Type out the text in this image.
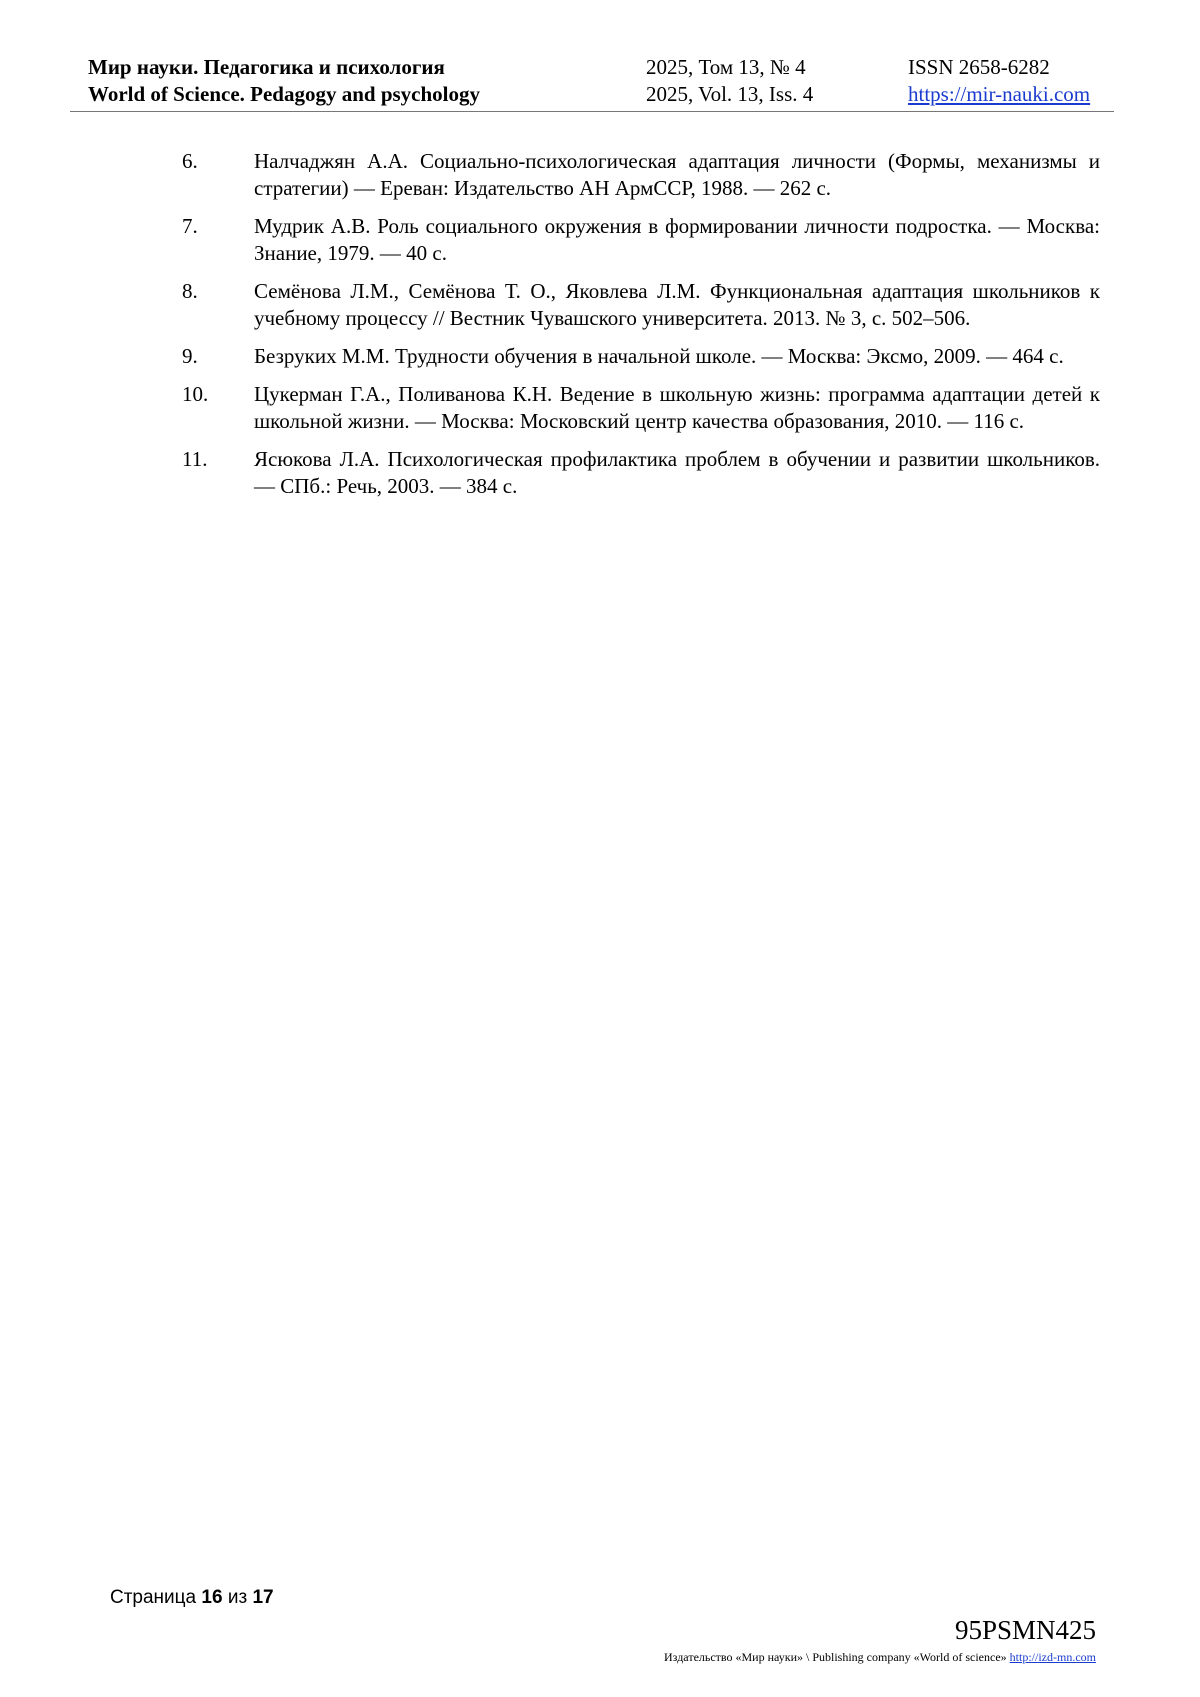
Мир науки. Педагогика и психология	2025, Том 13, № 4	ISSN 2658-6282
World of Science. Pedagogy and psychology	2025, Vol. 13, Iss. 4	https://mir-nauki.com
6.	Налчаджян А.А. Социально-психологическая адаптация личности (Формы, механизмы и стратегии) — Ереван: Издательство АН АрмССР, 1988. — 262 с.
7.	Мудрик А.В. Роль социального окружения в формировании личности подростка. — Москва: Знание, 1979. — 40 с.
8.	Семёнова Л.М., Семёнова Т. О., Яковлева Л.М. Функциональная адаптация школьников к учебному процессу // Вестник Чувашского университета. 2013. № 3, с. 502–506.
9.	Безруких М.М. Трудности обучения в начальной школе. — Москва: Эксмо, 2009. — 464 с.
10. Цукерман Г.А., Поливанова К.Н. Ведение в школьную жизнь: программа адаптации детей к школьной жизни. — Москва: Московский центр качества образования, 2010. — 116 с.
11. Ясюкова Л.А. Психологическая профилактика проблем в обучении и развитии школьников. — СПб.: Речь, 2003. — 384 с.
Страница 16 из 17
95PSMN425
Издательство «Мир науки» \ Publishing company «World of science» http://izd-mn.com
